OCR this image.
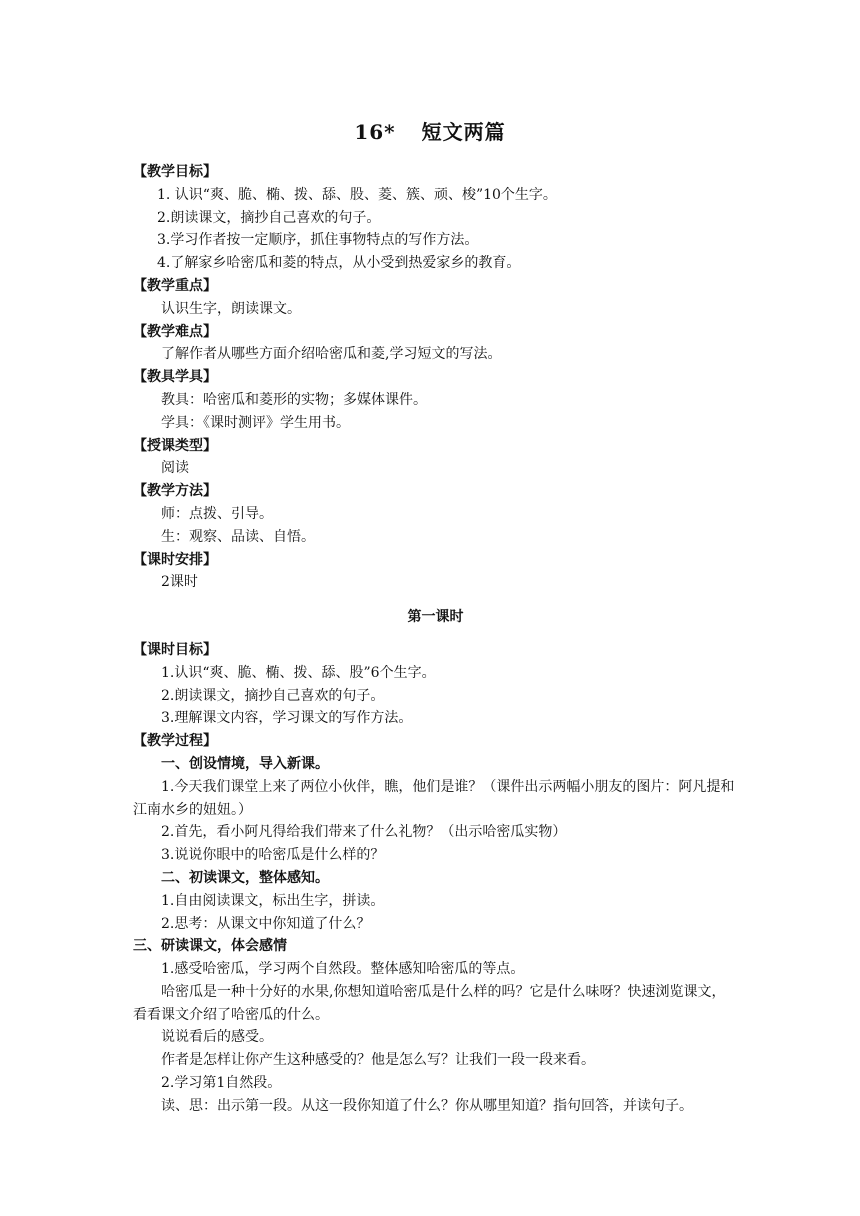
16* 短文两篇
【教学目标】
1. 认识“爽、脆、椭、拨、舔、股、菱、簇、顽、梭”10个生字。
2.朗读课文，摘抄自己喜欢的句子。
3.学习作者按一定顺序，抓住事物特点的写作方法。
4.了解家乡哈密瓜和菱的特点，从小受到热爱家乡的教育。
【教学重点】
认识生字，朗读课文。
【教学难点】
了解作者从哪些方面介绍哈密瓜和菱,学习短文的写法。
【教具学具】
教具：哈密瓜和菱形的实物；多媒体课件。
学具：《课时测评》学生用书。
【授课类型】
阅读
【教学方法】
师：点拨、引导。
生：观察、品读、自悟。
【课时安排】
2课时
第一课时
【课时目标】
1.认识“爽、脆、椭、拨、舔、股”6个生字。
2.朗读课文，摘抄自己喜欢的句子。
3.理解课文内容，学习课文的写作方法。
【教学过程】
一、创设情境，导入新课。
1.今天我们课堂上来了两位小伙伴，瞧，他们是谁？（课件出示两幅小朋友的图片：阿凡提和江南水乡的妞妞。）
2.首先，看小阿凡得给我们带来了什么礼物？（出示哈密瓜实物）
3.说说你眼中的哈密瓜是什么样的？
二、初读课文，整体感知。
1.自由阅读课文，标出生字，拼读。
2.思考：从课文中你知道了什么？
三、研读课文，体会感情
1.感受哈密瓜，学习两个自然段。整体感知哈密瓜的等点。
哈密瓜是一种十分好的水果,你想知道哈密瓜是什么样的吗？它是什么味呀？快速浏览课文，看看课文介绍了哈密瓜的什么。
说说看后的感受。
作者是怎样让你产生这种感受的？他是怎么写？让我们一段一段来看。
2.学习第1自然段。
读、思：出示第一段。从这一段你知道了什么？你从哪里知道？指句回答，并读句子。
